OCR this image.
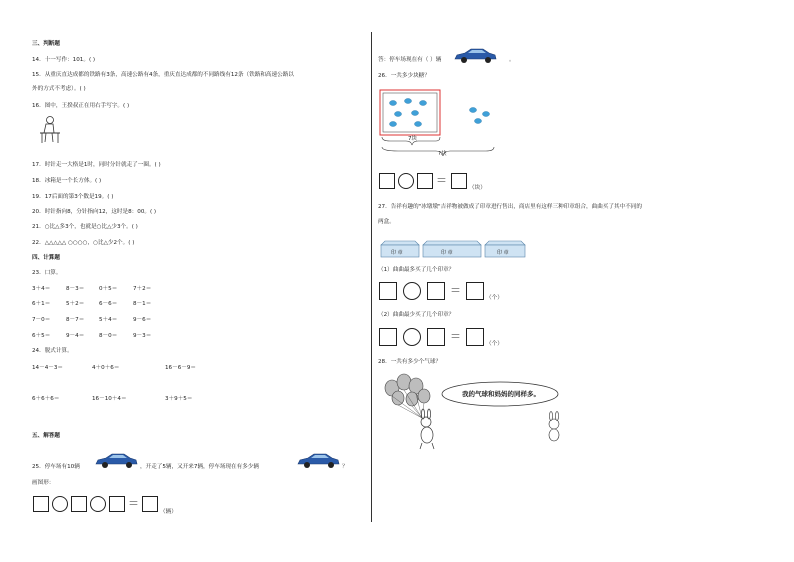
三、判断题
14．十一写作：101。( )
15．从重庆直达成都的铁路有3条，高速公路有4条，重庆直达成都的不同路线有12条（铁路和高速公路以
外的方式不考虑）。( )
16．图中，王揆叔正在用右手写字。( )
17．时针走一大格是1时，同时分针就走了一圈。( )
18．冰箱是一个长方体。( )
19．17后面的第3个数是19。( )
20．时针指向8，分针指向12，这时是8：00。( )
21．○比△多3个，也就是○比△少3个。( )
22．△△△△△ ○○○○，○比△少2个。( )
四、计算题
23．口算。
3＋4＝	8－3＝	0＋5＝	7＋2＝
6＋1＝	5＋2＝	6－6＝	8－1＝
7－0＝	8－7＝	5＋4＝	9－6＝
6＋5＝	9－4＝	8－0＝	9－3＝
24．脱式计算。
14－4－3＝	4＋0＋6＝	16－6－9＝
6＋6＋6＝	16－10＋4＝	3＋9＋5＝
五、解答题
25．停车场有10辆	，开走了5辆，又开来7辆，停车场现在有多少辆	？
画图形：
＝
（辆）
答：停车场现在有（ ）辆	。
26．一共多少块糖？
7块
?块
＝
（块）
27．告祥有趣的"冰墩墩"吉祥物被做成了印章进行售出，商店里有这样三种印章组合，曲曲买了其中不同的
两盒。
印 章	印 章	印 章
（1）曲曲最多买了几个印章？
＝
（个）
（2）曲曲最少买了几个印章？
＝
（个）
28．一共有多少个气球？
我的气球和妈妈的同样多。
